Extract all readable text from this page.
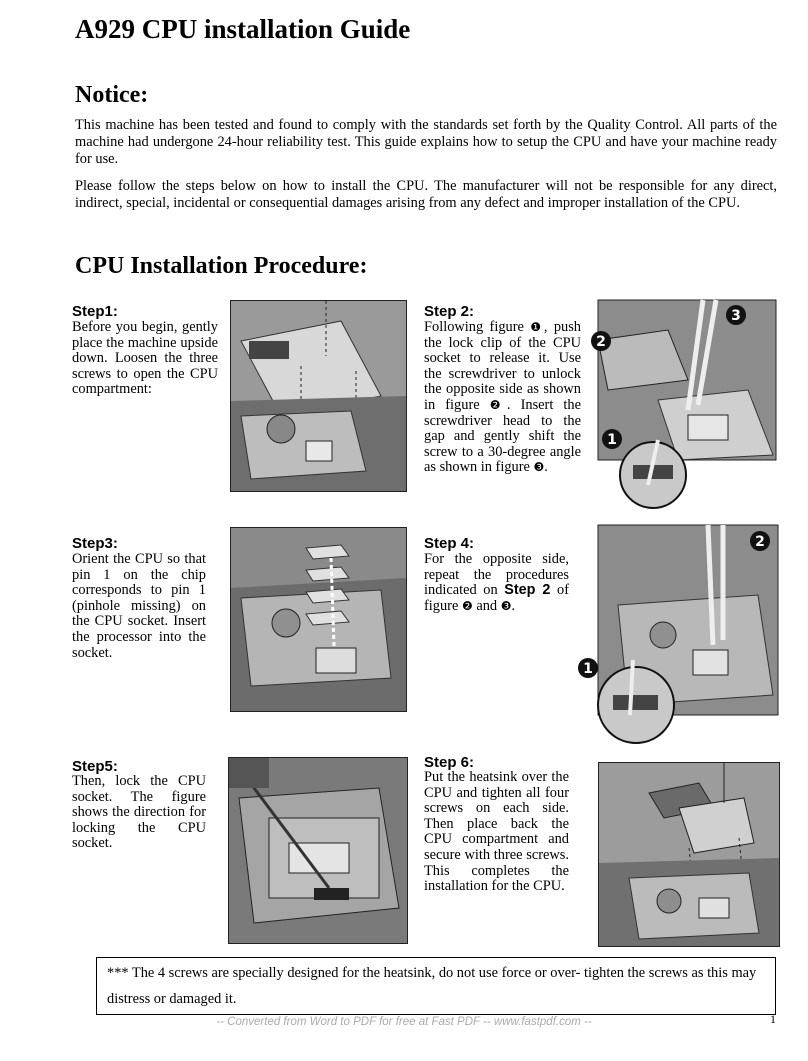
A929 CPU installation Guide
Notice:

This machine has been tested and found to comply with the standards set forth by the Quality Control. All parts of the machine had undergone 24-hour reliability test. This guide explains how to setup the CPU and have your machine ready for use.

Please follow the steps below on how to install the CPU. The manufacturer will not be responsible for any direct, indirect, special, incidental or consequential damages arising from any defect and improper installation of the CPU.

CPU Installation Procedure:
Step1:

Before you begin, gently place the machine upside down. Loosen the three screws to open the CPU compartment:

Step 2:

Following figure ❶, push the lock clip of the CPU socket to release it. Use the screwdriver to unlock the opposite side as shown in figure ❷. Insert the screwdriver head to the gap and gently shift the screw to a 30-degree angle as shown in figure ❸.

1
2
3
Step3:

Orient the CPU so that pin 1 on the chip corresponds to pin 1 (pinhole missing) on the CPU socket. Insert the processor into the socket.

Step 4:

For the opposite side, repeat the procedures indicated on Step 2 of figure ❷ and ❸.

1
2
Step5:

Then, lock the CPU socket. The figure shows the direction for locking the CPU socket.

Step 6:

Put the heatsink over the CPU and tighten all four screws on each side. Then place back the CPU compartment and secure with three screws. This completes the installation for the CPU.

*** The 4 screws are specially designed for the heatsink, do not use force or over- tighten the screws as this may distress or damaged it.
-- Converted from Word to PDF for free at Fast PDF -- www.fastpdf.com --	1
